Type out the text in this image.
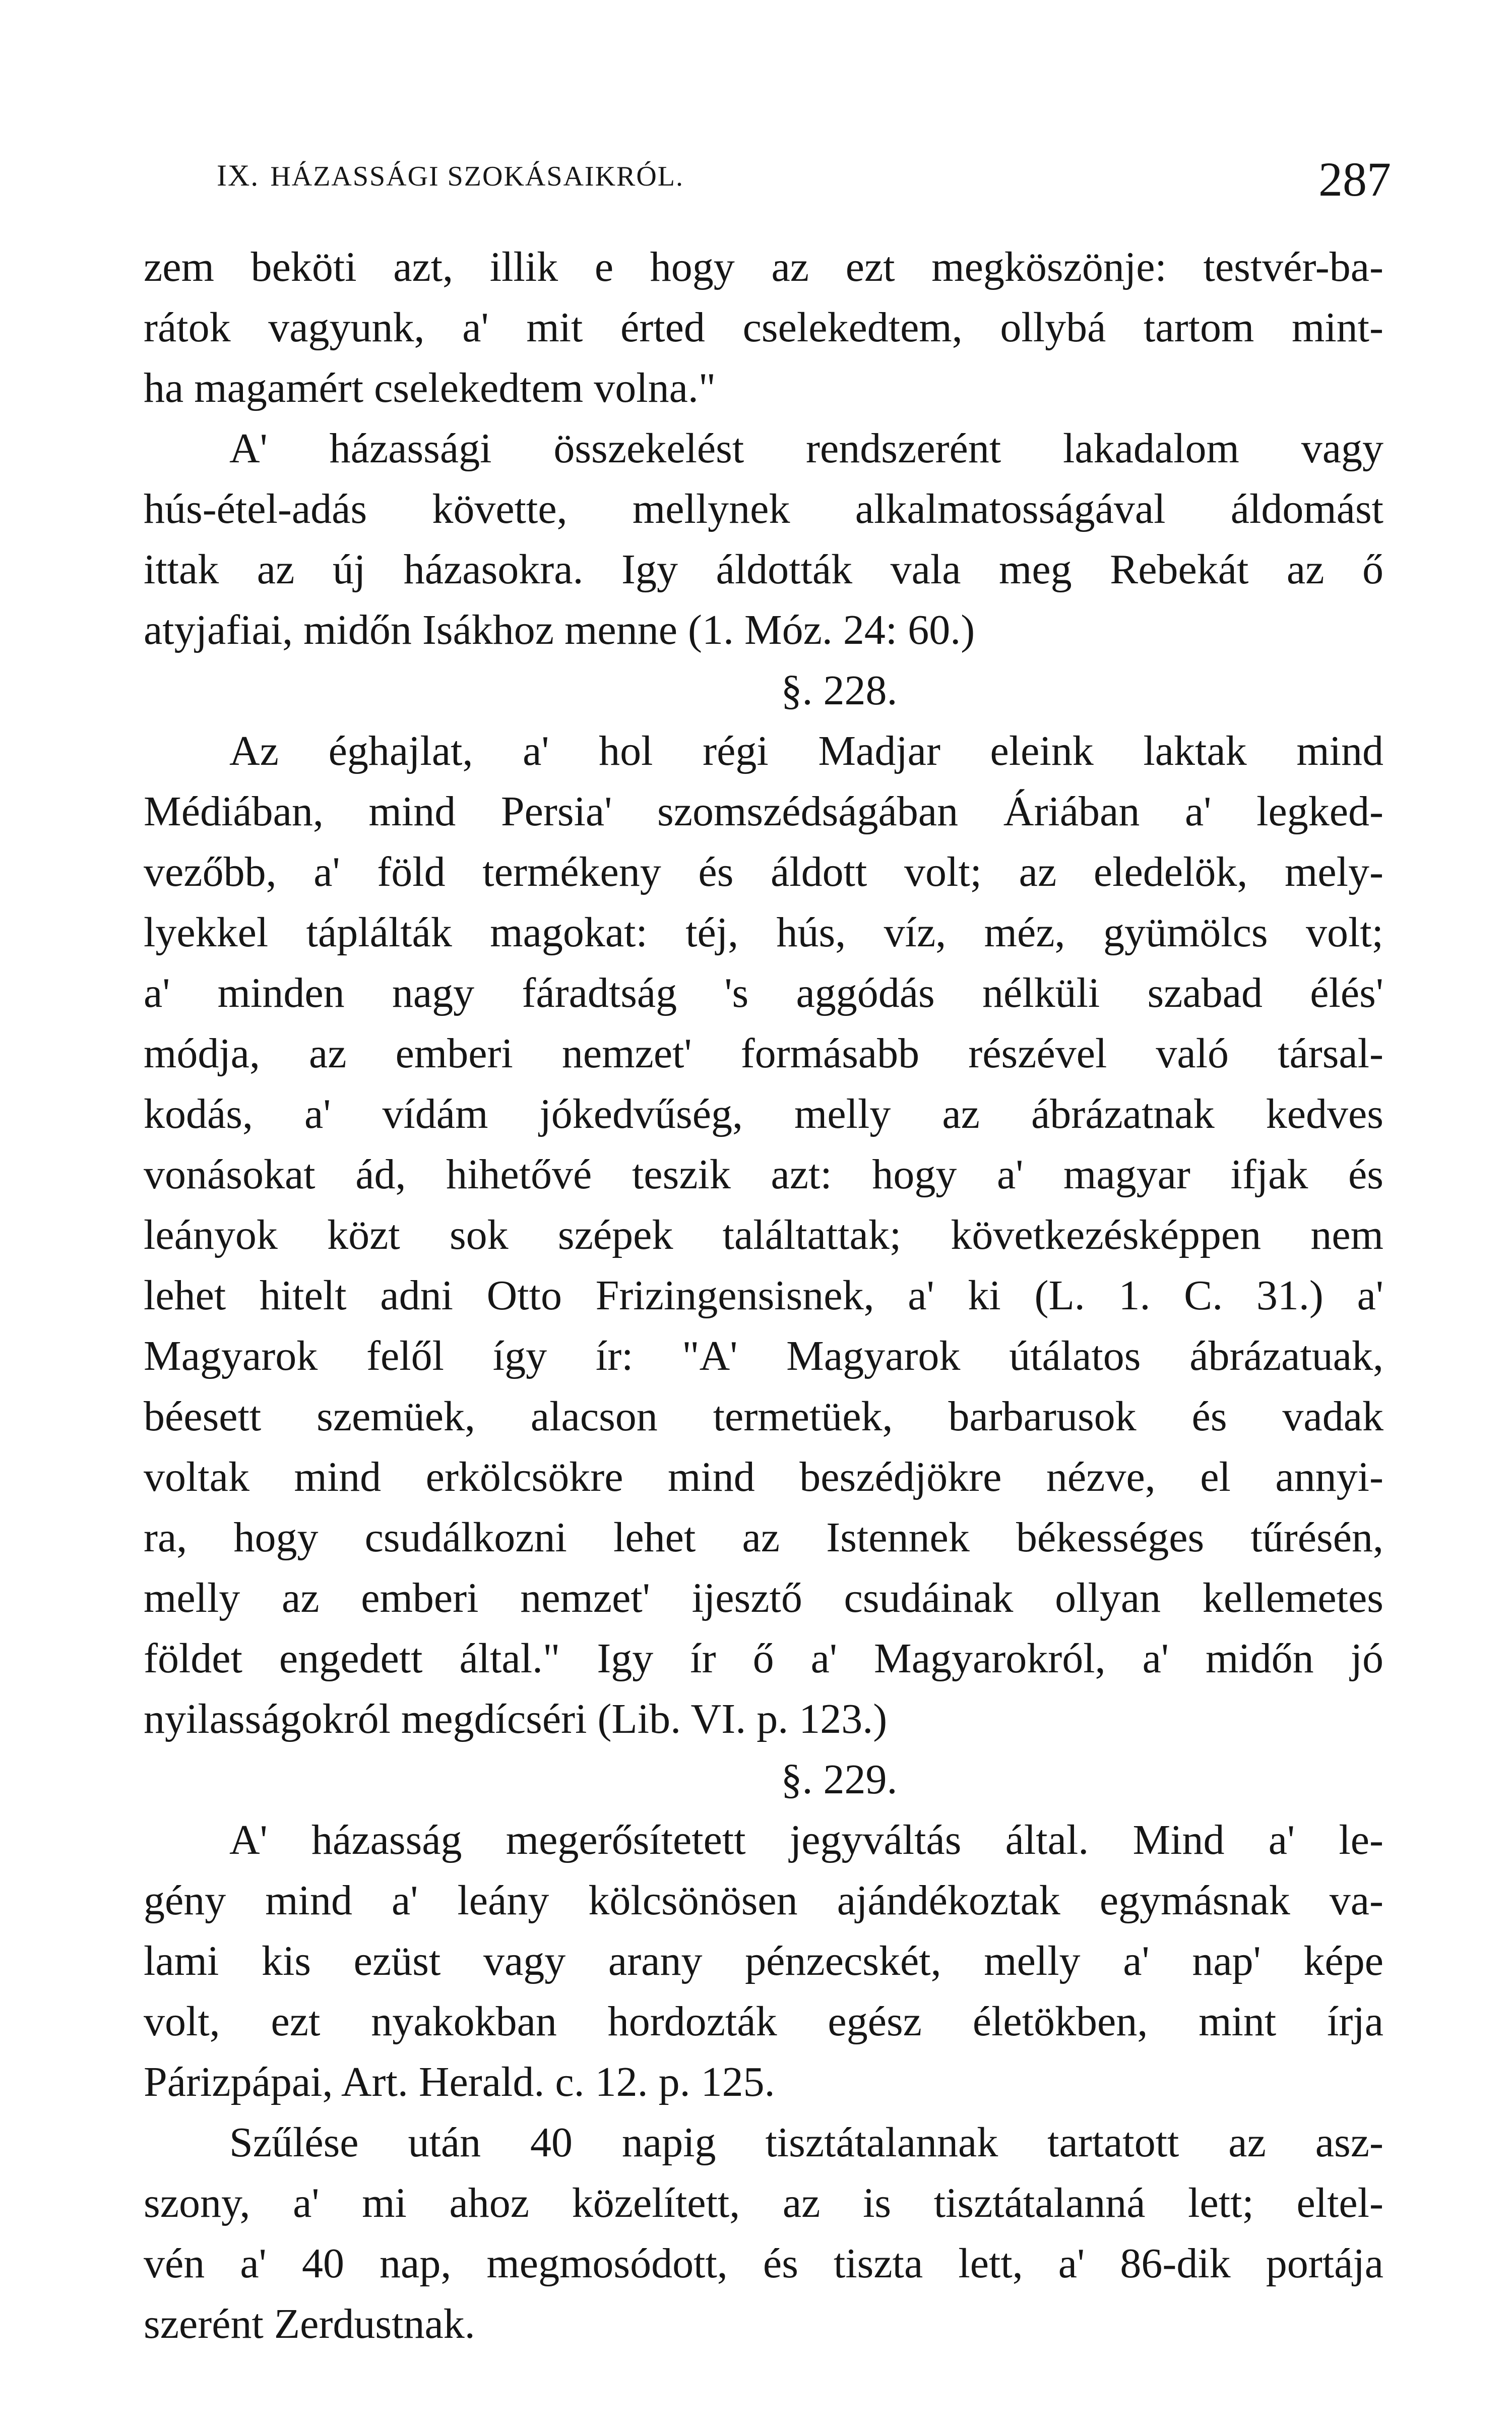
IX. HÁZASSÁGI SZOKÁSAIKRÓL.	287
zem beköti azt, illik e hogy az ezt megköszönje: testvér-ba-
rátok vagyunk, a' mit érted cselekedtem, ollybá tartom mint-
ha magamért cselekedtem volna."
A' házassági összekelést rendszerént lakadalom vagy
hús-étel-adás követte, mellynek alkalmatosságával áldomást
ittak az új házasokra. Igy áldották vala meg Rebekát az ő
atyjafiai, midőn Isákhoz menne (1. Móz. 24: 60.)
§. 228.
Az éghajlat, a' hol régi Madjar eleink laktak mind
Médiában, mind Persia' szomszédságában Áriában a' legked-
vezőbb, a' föld termékeny és áldott volt; az eledelök, mely-
lyekkel táplálták magokat: téj, hús, víz, méz, gyümölcs volt;
a' minden nagy fáradtság 's aggódás nélküli szabad élés'
módja, az emberi nemzet' formásabb részével való társal-
kodás, a' vídám jókedvűség, melly az ábrázatnak kedves
vonásokat ád, hihetővé teszik azt: hogy a' magyar ifjak és
leányok közt sok szépek találtattak; következésképpen nem
lehet hitelt adni Otto Frizingensisnek, a' ki (L. 1. C. 31.) a'
Magyarok felől így ír: "A' Magyarok útálatos ábrázatuak,
béesett szemüek, alacson termetüek, barbarusok és vadak
voltak mind erkölcsökre mind beszédjökre nézve, el annyi-
ra, hogy csudálkozni lehet az Istennek békességes tűrésén,
melly az emberi nemzet' ijesztő csudáinak ollyan kellemetes
földet engedett által." Igy ír ő a' Magyarokról, a' midőn jó
nyilasságokról megdícséri (Lib. VI. p. 123.)
§. 229.
A' házasság megerősítetett jegyváltás által. Mind a' le-
gény mind a' leány kölcsönösen ajándékoztak egymásnak va-
lami kis ezüst vagy arany pénzecskét, melly a' nap' képe
volt, ezt nyakokban hordozták egész életökben, mint írja
Párizpápai, Art. Herald. c. 12. p. 125.
Szűlése után 40 napig tisztátalannak tartatott az asz-
szony, a' mi ahoz közelített, az is tisztátalanná lett; eltel-
vén a' 40 nap, megmosódott, és tiszta lett, a' 86-dik portája
szerént Zerdustnak.
